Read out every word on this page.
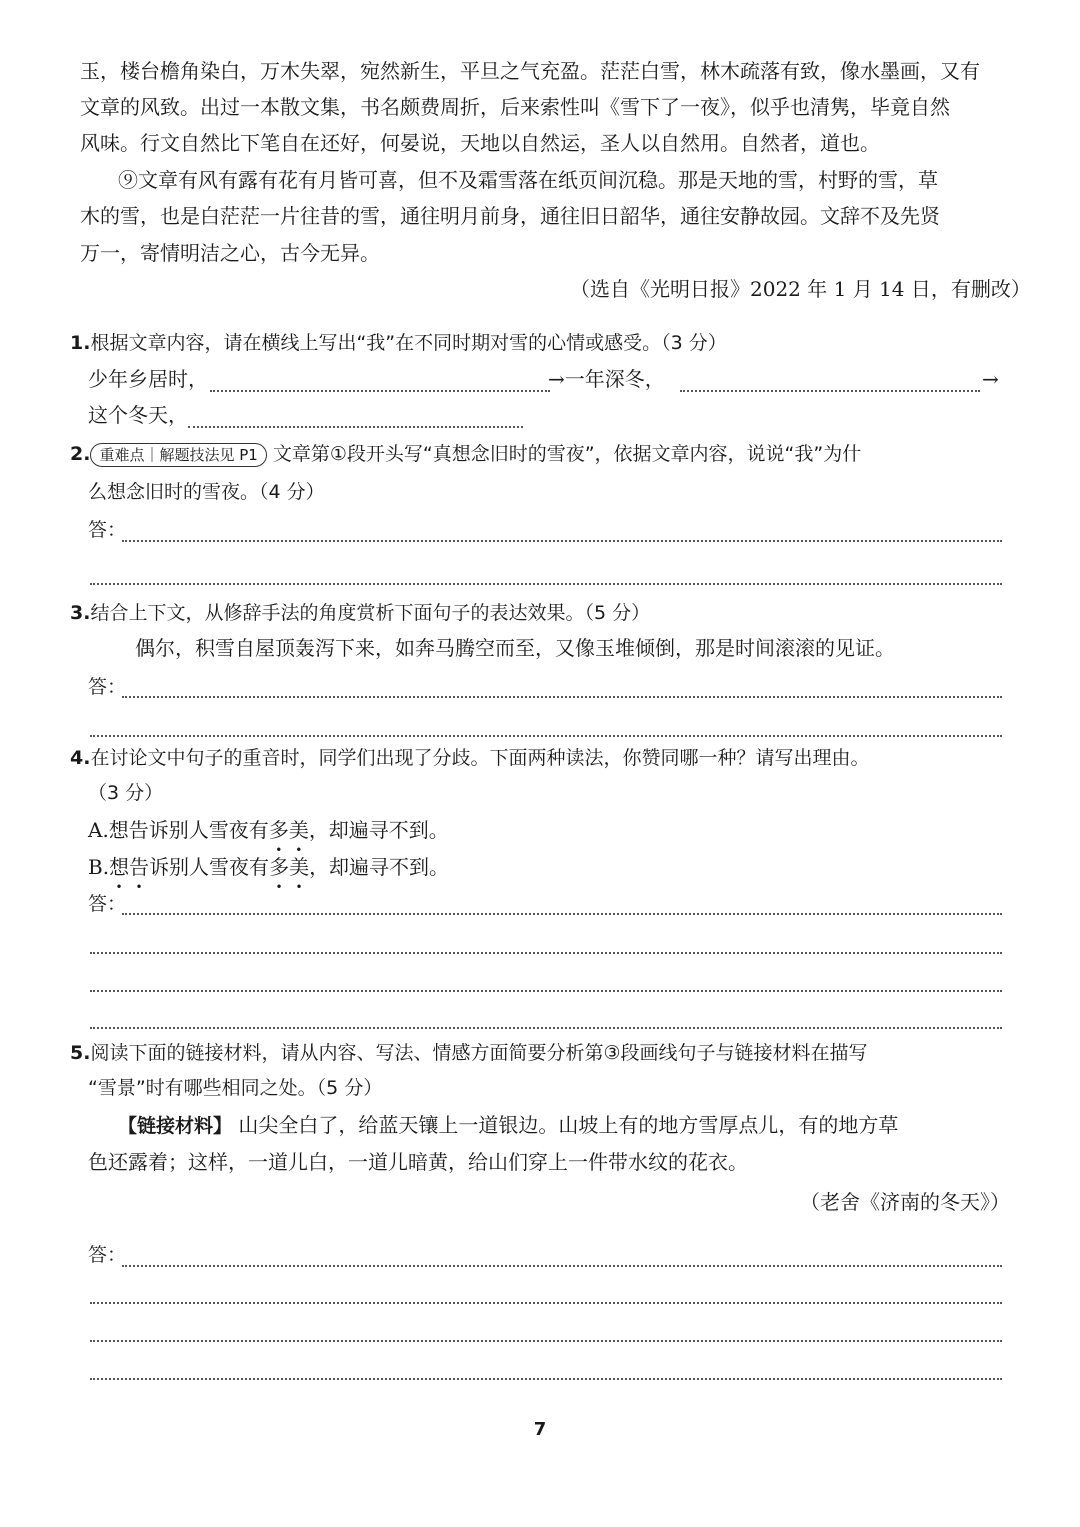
玉，楼台檐角染白，万木失翠，宛然新生，平旦之气充盈。茫茫白雪，林木疏落有致，像水墨画，又有
文章的风致。出过一本散文集，书名颇费周折，后来索性叫《雪下了一夜》，似乎也清隽，毕竟自然
风味。行文自然比下笔自在还好，何晏说，天地以自然运，圣人以自然用。自然者，道也。
⑨文章有风有露有花有月皆可喜，但不及霜雪落在纸页间沉稳。那是天地的雪，村野的雪，草
木的雪，也是白茫茫一片往昔的雪，通往明月前身，通往旧日韶华，通往安静故园。文辞不及先贤
万一，寄情明洁之心，古今无异。
（选自《光明日报》2022 年 1 月 14 日，有删改）
1.根据文章内容，请在横线上写出“我”在不同时期对雪的心情或感受。（3 分）
少年乡居时，	→一年深冬，	→
这个冬天，
2. 重难点｜解题技法见 P1 文章第①段开头写“真想念旧时的雪夜”，依据文章内容，说说“我”为什
么想念旧时的雪夜。（4 分）
答：
3.结合上下文，从修辞手法的角度赏析下面句子的表达效果。（5 分）
偶尔，积雪自屋顶轰泻下来，如奔马腾空而至，又像玉堆倾倒，那是时间滚滚的见证。
答：
4.在讨论文中句子的重音时，同学们出现了分歧。下面两种读法，你赞同哪一种？请写出理由。
（3 分）
A.想告诉别人雪夜有多美，却遍寻不到。
B.想告诉别人雪夜有多美，却遍寻不到。
答：
5.阅读下面的链接材料，请从内容、写法、情感方面简要分析第③段画线句子与链接材料在描写
“雪景”时有哪些相同之处。（5 分）
【链接材料】 山尖全白了，给蓝天镶上一道银边。山坡上有的地方雪厚点儿，有的地方草
色还露着；这样，一道儿白，一道儿暗黄，给山们穿上一件带水纹的花衣。
（老舍《济南的冬天》）
答：
7
